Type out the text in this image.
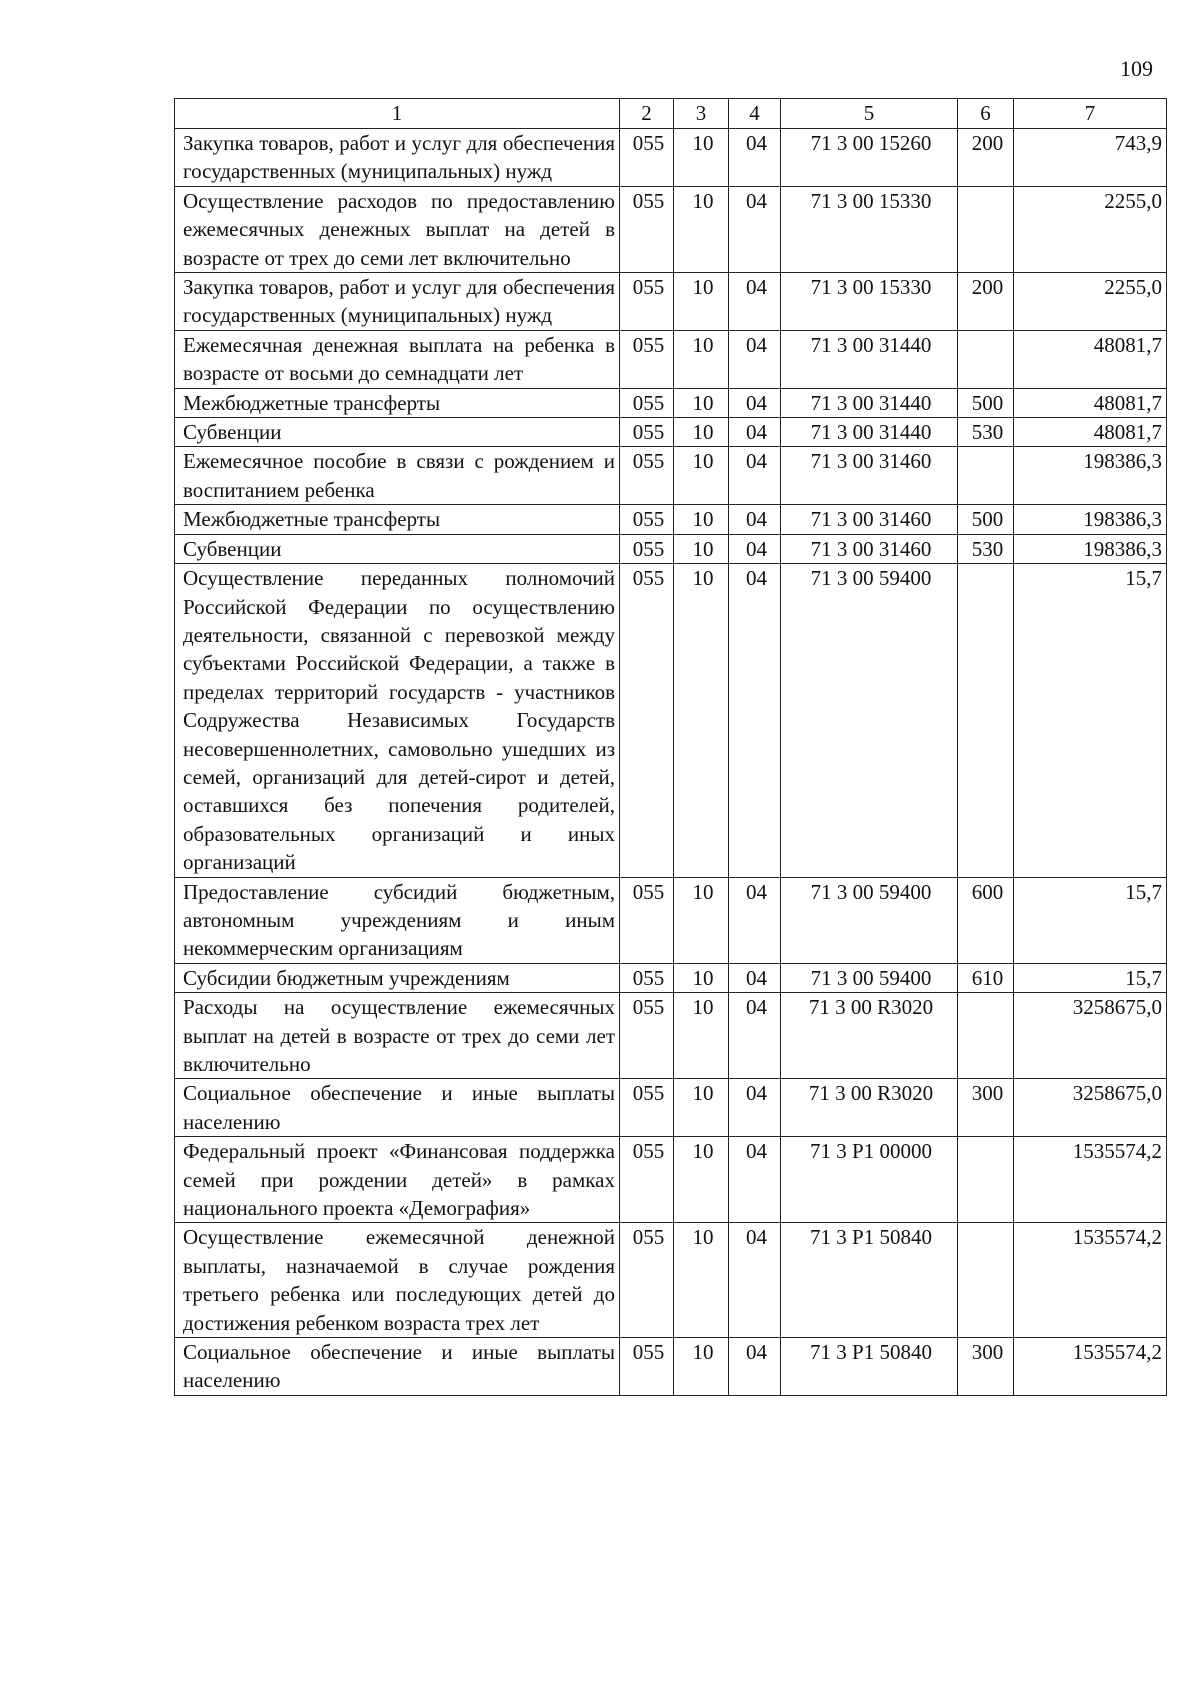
109
1	2	3	4	5	6	7
Закупка товаров, работ и услуг для обеспечения государственных (муниципальных) нужд	055	10	04	71 3 00 15260	200	743,9
Осуществление расходов по предоставлению ежемесячных денежных выплат на детей в возрасте от трех до семи лет включительно	055	10	04	71 3 00 15330		2255,0
Закупка товаров, работ и услуг для обеспечения государственных (муниципальных) нужд	055	10	04	71 3 00 15330	200	2255,0
Ежемесячная денежная выплата на ребенка в возрасте от восьми до семнадцати лет	055	10	04	71 3 00 31440		48081,7
Межбюджетные трансферты	055	10	04	71 3 00 31440	500	48081,7
Субвенции	055	10	04	71 3 00 31440	530	48081,7
Ежемесячное пособие в связи с рождением и воспитанием ребенка	055	10	04	71 3 00 31460		198386,3
Межбюджетные трансферты	055	10	04	71 3 00 31460	500	198386,3
Субвенции	055	10	04	71 3 00 31460	530	198386,3
Осуществление переданных полномочий Российской Федерации по осуществлению деятельности, связанной с перевозкой между субъектами Российской Федерации, а также в пределах территорий государств - участников Содружества Независимых Государств несовершеннолетних, самовольно ушедших из семей, организаций для детей-сирот и детей, оставшихся без попечения родителей, образовательных организаций и иных организаций	055	10	04	71 3 00 59400		15,7
Предоставление субсидий бюджетным, автономным учреждениям и иным некоммерческим организациям	055	10	04	71 3 00 59400	600	15,7
Субсидии бюджетным учреждениям	055	10	04	71 3 00 59400	610	15,7
Расходы на осуществление ежемесячных выплат на детей в возрасте от трех до семи лет включительно	055	10	04	71 3 00 R3020		3258675,0
Социальное обеспечение и иные выплаты населению	055	10	04	71 3 00 R3020	300	3258675,0
Федеральный проект «Финансовая поддержка семей при рождении детей» в рамках национального проекта «Демография»	055	10	04	71 3 P1 00000		1535574,2
Осуществление ежемесячной денежной выплаты, назначаемой в случае рождения третьего ребенка или последующих детей до достижения ребенком возраста трех лет	055	10	04	71 3 P1 50840		1535574,2
Социальное обеспечение и иные выплаты населению	055	10	04	71 3 P1 50840	300	1535574,2
